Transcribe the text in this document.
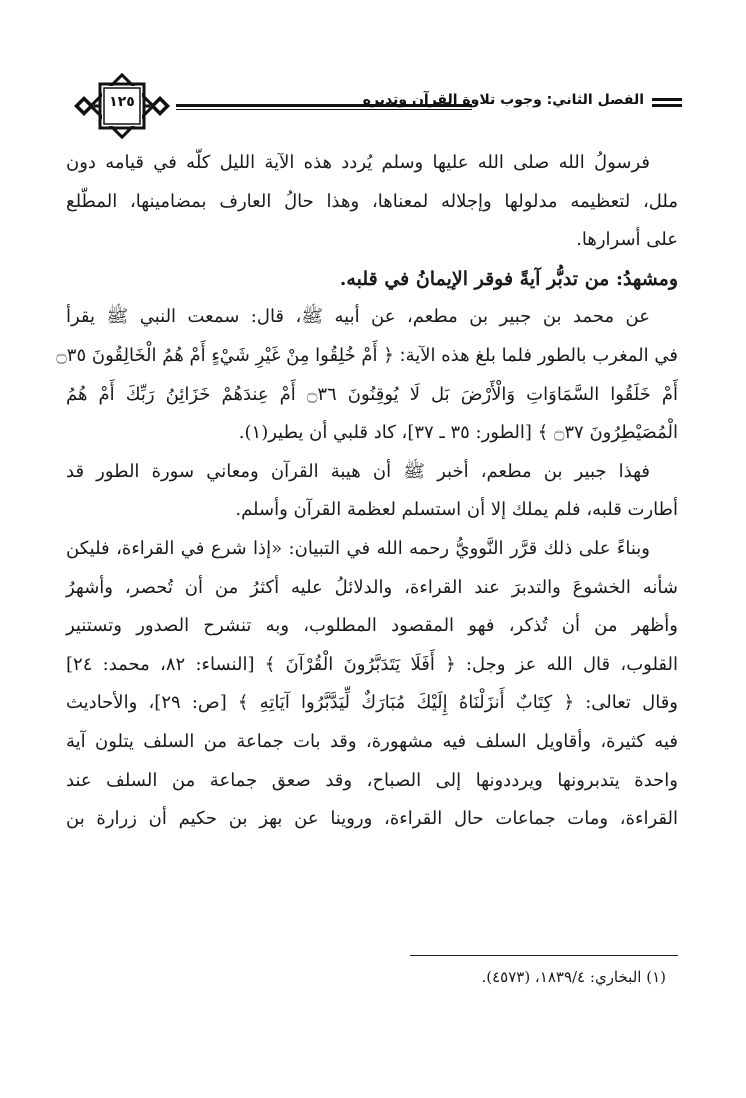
١٢٥	الفصل الثاني: وجوب تلاوة القرآن وتدبره
فرسولُ الله صلى الله عليها وسلم يُردد هذه الآية الليل كلّه في قيامه دون
ملل، لتعظيمه مدلولها وإجلاله لمعناها، وهذا حالُ العارف بمضامينها، المطّلع
على أسرارها.
ومشهدُ: من تدبُّر آيةً فوقر الإيمانُ في قلبه.
عن محمد بن جبير بن مطعم، عن أبيه ﷺ، قال: سمعت النبي ﷺ يقرأ
في المغرب بالطور فلما بلغ هذه الآية: ﴿ أَمْ خُلِقُوا مِنْ غَيْرِ شَيْءٍ أَمْ هُمُ الْخَالِقُونَ ۝٣٥
أَمْ خَلَقُوا السَّمَاوَاتِ وَالْأَرْضَ بَل لَا يُوقِنُونَ ۝٣٦ أَمْ عِندَهُمْ خَزَائِنُ رَبِّكَ أَمْ هُمُ
الْمُصَيْطِرُونَ ۝٣٧ ﴾ [الطور: ٣٥ ـ ٣٧]، كاد قلبي أن يطير(١).
فهذا جبير بن مطعم، أخبر ﷺ أن هيبة القرآن ومعاني سورة الطور قد
أطارت قلبه، فلم يملك إلا أن استسلم لعظمة القرآن وأسلم.
وبناءً على ذلك قرَّر النَّوويُّ رحمه الله في التبيان: «إذا شرع في القراءة، فليكن
شأنه الخشوعَ والتدبرَ عند القراءة، والدلائلُ عليه أكثرُ من أن تُحصر، وأشهرُ
وأظهر من أن تُذكر، فهو المقصود المطلوب، وبه تنشرح الصدور وتستنير
القلوب، قال الله عز وجل: ﴿ أَفَلَا يَتَدَبَّرُونَ الْقُرْآنَ ﴾ [النساء: ٨٢، محمد: ٢٤]
وقال تعالى: ﴿ كِتَابٌ أَنزَلْنَاهُ إِلَيْكَ مُبَارَكٌ لِّيَدَّبَّرُوا آيَاتِهِ ﴾ [ص: ٢٩]، والأحاديث
فيه كثيرة، وأقاويل السلف فيه مشهورة، وقد بات جماعة من السلف يتلون آية
واحدة يتدبرونها ويرددونها إلى الصباح، وقد صعق جماعة من السلف عند
القراءة، ومات جماعات حال القراءة، وروينا عن بهز بن حكيم أن زرارة بن
(١) البخاري: ١٨٣٩/٤، (٤٥٧٣).
